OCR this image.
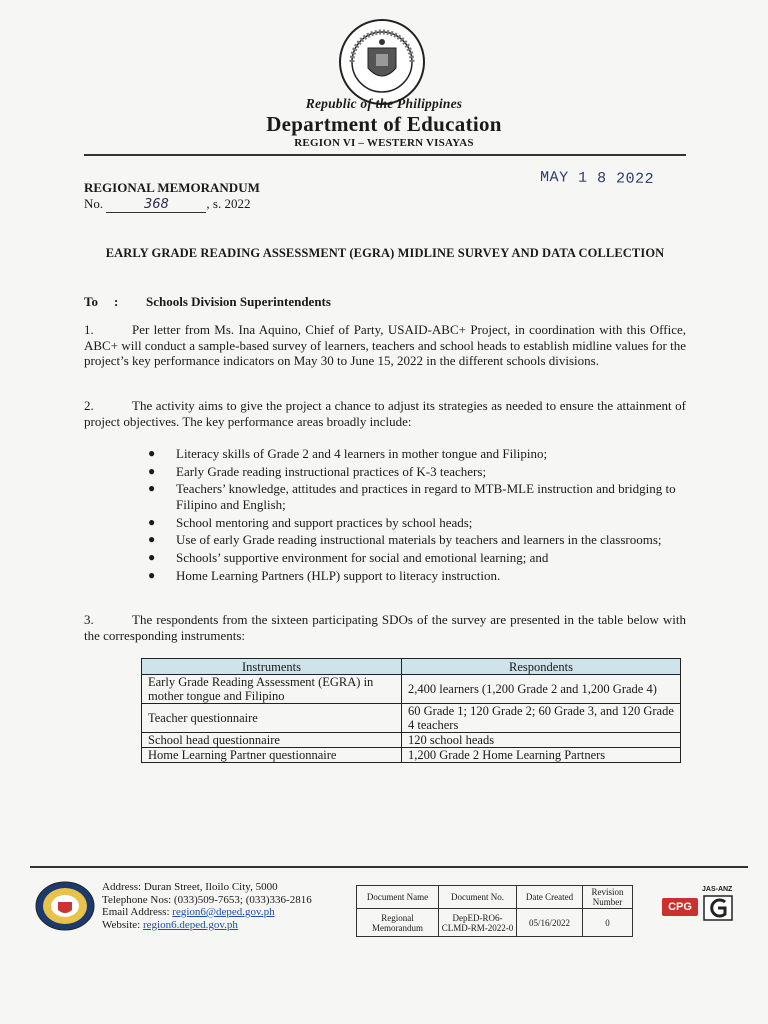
Republic of the Philippines
Department of Education
REGION VI – WESTERN VISAYAS
MAY 1 8 2022
REGIONAL MEMORANDUM
No.	368	, s. 2022
EARLY GRADE READING ASSESSMENT (EGRA) MIDLINE SURVEY AND DATA COLLECTION
To : Schools Division Superintendents
1.	Per letter from Ms. Ina Aquino, Chief of Party, USAID-ABC+ Project, in coordination with this Office, ABC+ will conduct a sample-based survey of learners, teachers and school heads to establish midline values for the project’s key performance indicators on May 30 to June 15, 2022 in the different schools divisions.
2.	The activity aims to give the project a chance to adjust its strategies as needed to ensure the attainment of project objectives. The key performance areas broadly include:
● Literacy skills of Grade 2 and 4 learners in mother tongue and Filipino;
● Early Grade reading instructional practices of K-3 teachers;
● Teachers’ knowledge, attitudes and practices in regard to MTB-MLE instruction and bridging to Filipino and English;
● School mentoring and support practices by school heads;
● Use of early Grade reading instructional materials by teachers and learners in the classrooms;
● Schools’ supportive environment for social and emotional learning; and
● Home Learning Partners (HLP) support to literacy instruction.
3.	The respondents from the sixteen participating SDOs of the survey are presented in the table below with the corresponding instruments:
Instruments	Respondents
Early Grade Reading Assessment (EGRA) in mother tongue and Filipino	2,400 learners (1,200 Grade 2 and 1,200 Grade 4)
Teacher questionnaire	60 Grade 1; 120 Grade 2; 60 Grade 3, and 120 Grade 4 teachers
School head questionnaire	120 school heads
Home Learning Partner questionnaire	1,200 Grade 2 Home Learning Partners
Address: Duran Street, Iloilo City, 5000
Telephone Nos: (033)509-7653; (033)336-2816
Email Address: region6@deped.gov.ph
Website: region6.deped.gov.ph
Document Name	Document No.	Date Created	Revision Number
Regional Memorandum	DepED-RO6-CLMD-RM-2022-0	05/16/2022	0
CPG
JAS-ANZ
